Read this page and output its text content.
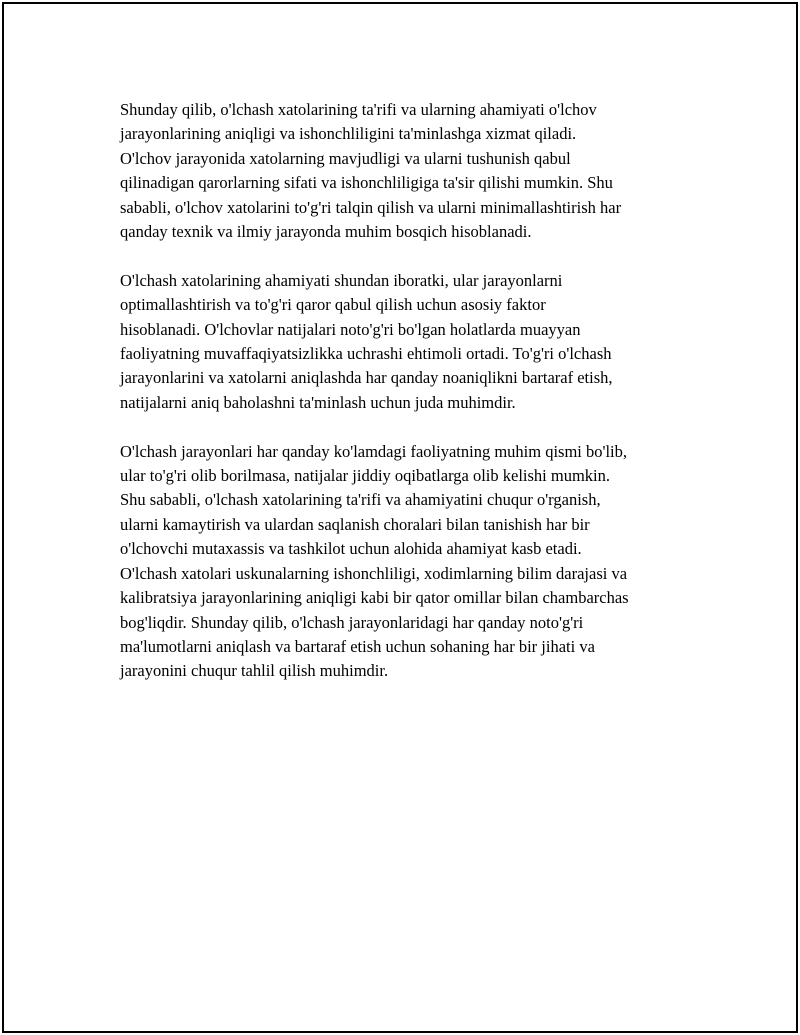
Shunday qilib, o'lchash xatolarining ta'rifi va ularning ahamiyati o'lchov
jarayonlarining aniqligi va ishonchliligini ta'minlashga xizmat qiladi.
O'lchov jarayonida xatolarning mavjudligi va ularni tushunish qabul
qilinadigan qarorlarning sifati va ishonchliligiga ta'sir qilishi mumkin. Shu
sababli, o'lchov xatolarini to'g'ri talqin qilish va ularni minimallashtirish har
qanday texnik va ilmiy jarayonda muhim bosqich hisoblanadi.

O'lchash xatolarining ahamiyati shundan iboratki, ular jarayonlarni
optimallashtirish va to'g'ri qaror qabul qilish uchun asosiy faktor
hisoblanadi. O'lchovlar natijalari noto'g'ri bo'lgan holatlarda muayyan
faoliyatning muvaffaqiyatsizlikka uchrashi ehtimoli ortadi. To'g'ri o'lchash
jarayonlarini va xatolarni aniqlashda har qanday noaniqlikni bartaraf etish,
natijalarni aniq baholashni ta'minlash uchun juda muhimdir.

O'lchash jarayonlari har qanday ko'lamdagi faoliyatning muhim qismi bo'lib,
ular to'g'ri olib borilmasa, natijalar jiddiy oqibatlarga olib kelishi mumkin.
Shu sababli, o'lchash xatolarining ta'rifi va ahamiyatini chuqur o'rganish,
ularni kamaytirish va ulardan saqlanish choralari bilan tanishish har bir
o'lchovchi mutaxassis va tashkilot uchun alohida ahamiyat kasb etadi.
O'lchash xatolari uskunalarning ishonchliligi, xodimlarning bilim darajasi va
kalibratsiya jarayonlarining aniqligi kabi bir qator omillar bilan chambarchas
bog'liqdir. Shunday qilib, o'lchash jarayonlaridagi har qanday noto'g'ri
ma'lumotlarni aniqlash va bartaraf etish uchun sohaning har bir jihati va
jarayonini chuqur tahlil qilish muhimdir.
